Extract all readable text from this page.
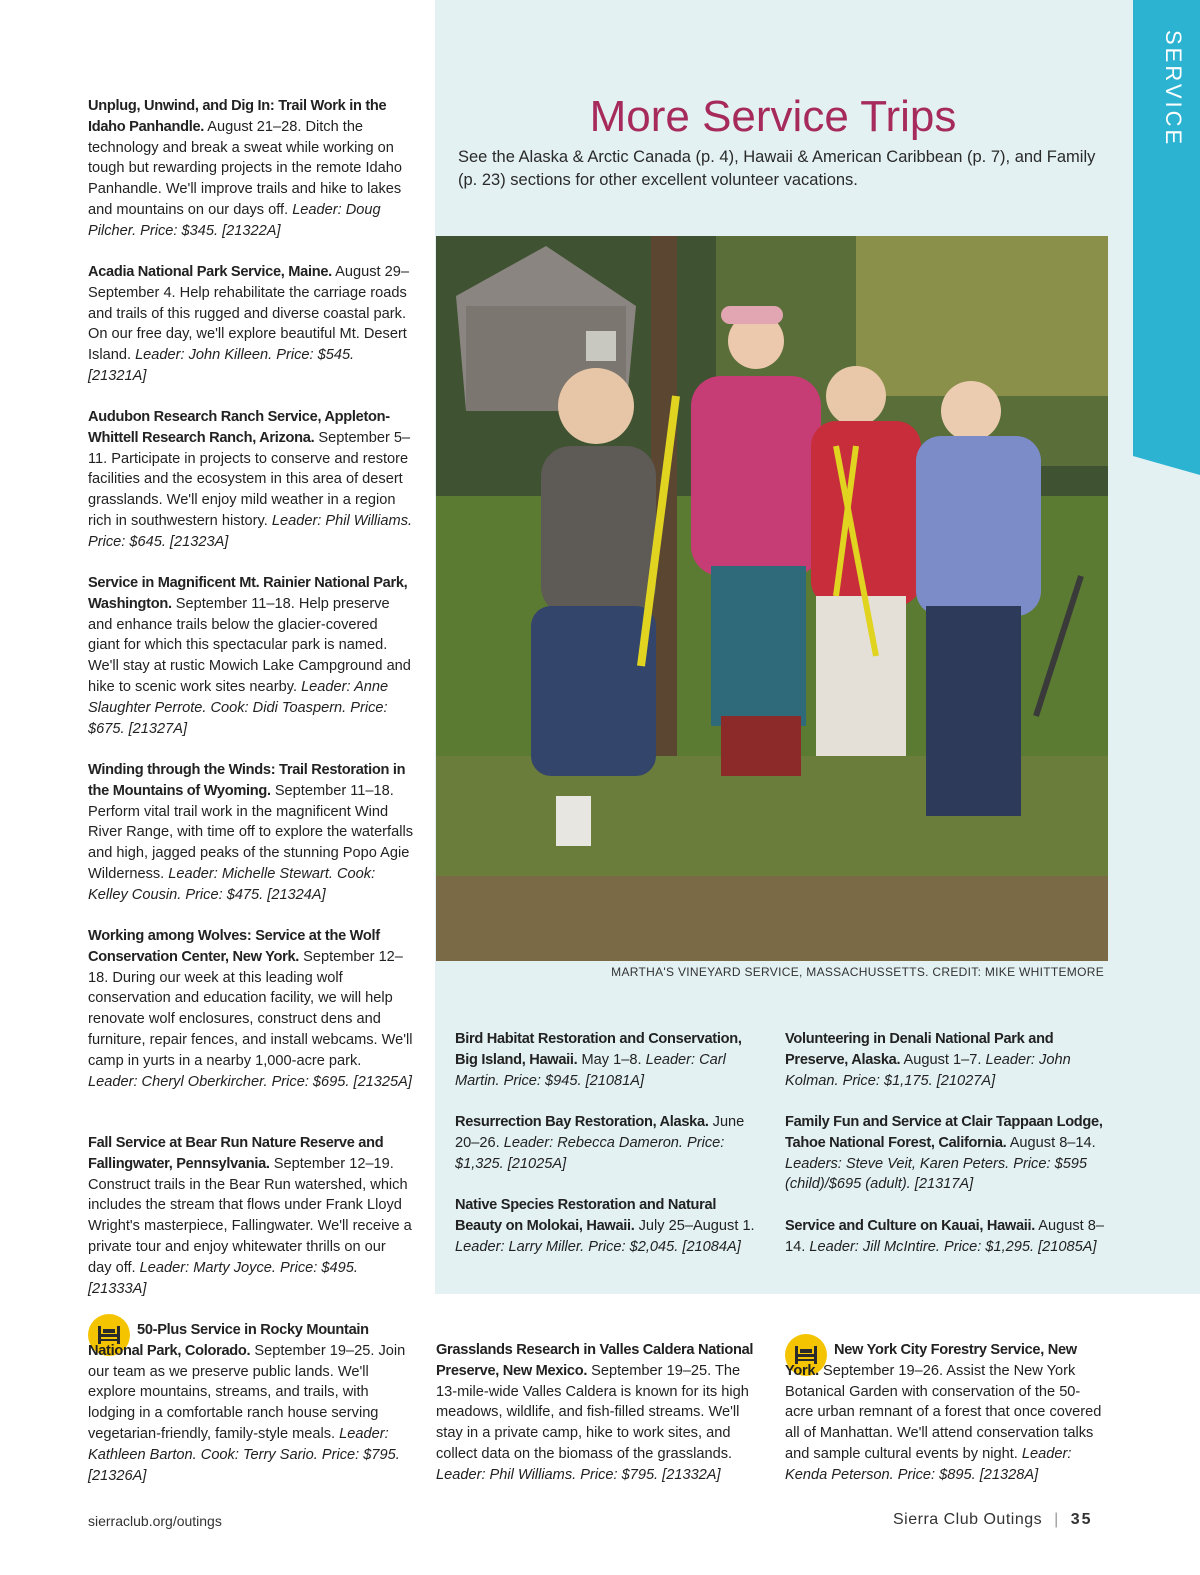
SERVICE
More Service Trips
See the Alaska & Arctic Canada (p. 4), Hawaii & American Caribbean (p. 7), and Family (p. 23) sections for other excellent volunteer vacations.
MARTHA'S VINEYARD SERVICE, MASSACHUSSETTS. CREDIT: MIKE WHITTEMORE
Unplug, Unwind, and Dig In: Trail Work in the Idaho Panhandle. August 21–28. Ditch the technology and break a sweat while working on tough but rewarding projects in the remote Idaho Panhandle. We'll improve trails and hike to lakes and mountains on our days off. Leader: Doug Pilcher. Price: $345. [21322A]
Acadia National Park Service, Maine. August 29–September 4. Help rehabilitate the carriage roads and trails of this rugged and diverse coastal park. On our free day, we'll explore beautiful Mt. Desert Island. Leader: John Killeen. Price: $545. [21321A]
Audubon Research Ranch Service, Appleton-Whittell Research Ranch, Arizona. September 5–11. Participate in projects to conserve and restore facilities and the ecosystem in this area of desert grasslands. We'll enjoy mild weather in a region rich in southwestern history. Leader: Phil Williams. Price: $645. [21323A]
Service in Magnificent Mt. Rainier National Park, Washington. September 11–18. Help preserve and enhance trails below the glacier-covered giant for which this spectacular park is named. We'll stay at rustic Mowich Lake Campground and hike to scenic work sites nearby. Leader: Anne Slaughter Perrote. Cook: Didi Toaspern. Price: $675. [21327A]
Winding through the Winds: Trail Restoration in the Mountains of Wyoming. September 11–18. Perform vital trail work in the magnificent Wind River Range, with time off to explore the waterfalls and high, jagged peaks of the stunning Popo Agie Wilderness. Leader: Michelle Stewart. Cook: Kelley Cousin. Price: $475. [21324A]
Working among Wolves: Service at the Wolf Conservation Center, New York. September 12–18. During our week at this leading wolf conservation and education facility, we will help renovate wolf enclosures, construct dens and furniture, repair fences, and install webcams. We'll camp in yurts in a nearby 1,000-acre park. Leader: Cheryl Oberkircher. Price: $695. [21325A]
Fall Service at Bear Run Nature Reserve and Fallingwater, Pennsylvania. September 12–19. Construct trails in the Bear Run watershed, which includes the stream that flows under Frank Lloyd Wright's masterpiece, Fallingwater. We'll receive a private tour and enjoy whitewater thrills on our day off. Leader: Marty Joyce. Price: $495. [21333A]
50-Plus Service in Rocky Mountain National Park, Colorado. September 19–25. Join our team as we preserve public lands. We'll explore mountains, streams, and trails, with lodging in a comfortable ranch house serving vegetarian-friendly, family-style meals. Leader: Kathleen Barton. Cook: Terry Sario. Price: $795. [21326A]
Bird Habitat Restoration and Conservation, Big Island, Hawaii. May 1–8. Leader: Carl Martin. Price: $945. [21081A]
Resurrection Bay Restoration, Alaska. June 20–26. Leader: Rebecca Dameron. Price: $1,325. [21025A]
Native Species Restoration and Natural Beauty on Molokai, Hawaii. July 25–August 1. Leader: Larry Miller. Price: $2,045. [21084A]
Volunteering in Denali National Park and Preserve, Alaska. August 1–7. Leader: John Kolman. Price: $1,175. [21027A]
Family Fun and Service at Clair Tappaan Lodge, Tahoe National Forest, California. August 8–14. Leaders: Steve Veit, Karen Peters. Price: $595 (child)/$695 (adult). [21317A]
Service and Culture on Kauai, Hawaii. August 8–14. Leader: Jill McIntire. Price: $1,295. [21085A]
Grasslands Research in Valles Caldera National Preserve, New Mexico. September 19–25. The 13-mile-wide Valles Caldera is known for its high meadows, wildlife, and fish-filled streams. We'll stay in a private camp, hike to work sites, and collect data on the biomass of the grasslands. Leader: Phil Williams. Price: $795. [21332A]
New York City Forestry Service, New York. September 19–26. Assist the New York Botanical Garden with conservation of the 50-acre urban remnant of a forest that once covered all of Manhattan. We'll attend conservation talks and sample cultural events by night. Leader: Kenda Peterson. Price: $895. [21328A]
sierraclub.org/outings	Sierra Club Outings | 35
